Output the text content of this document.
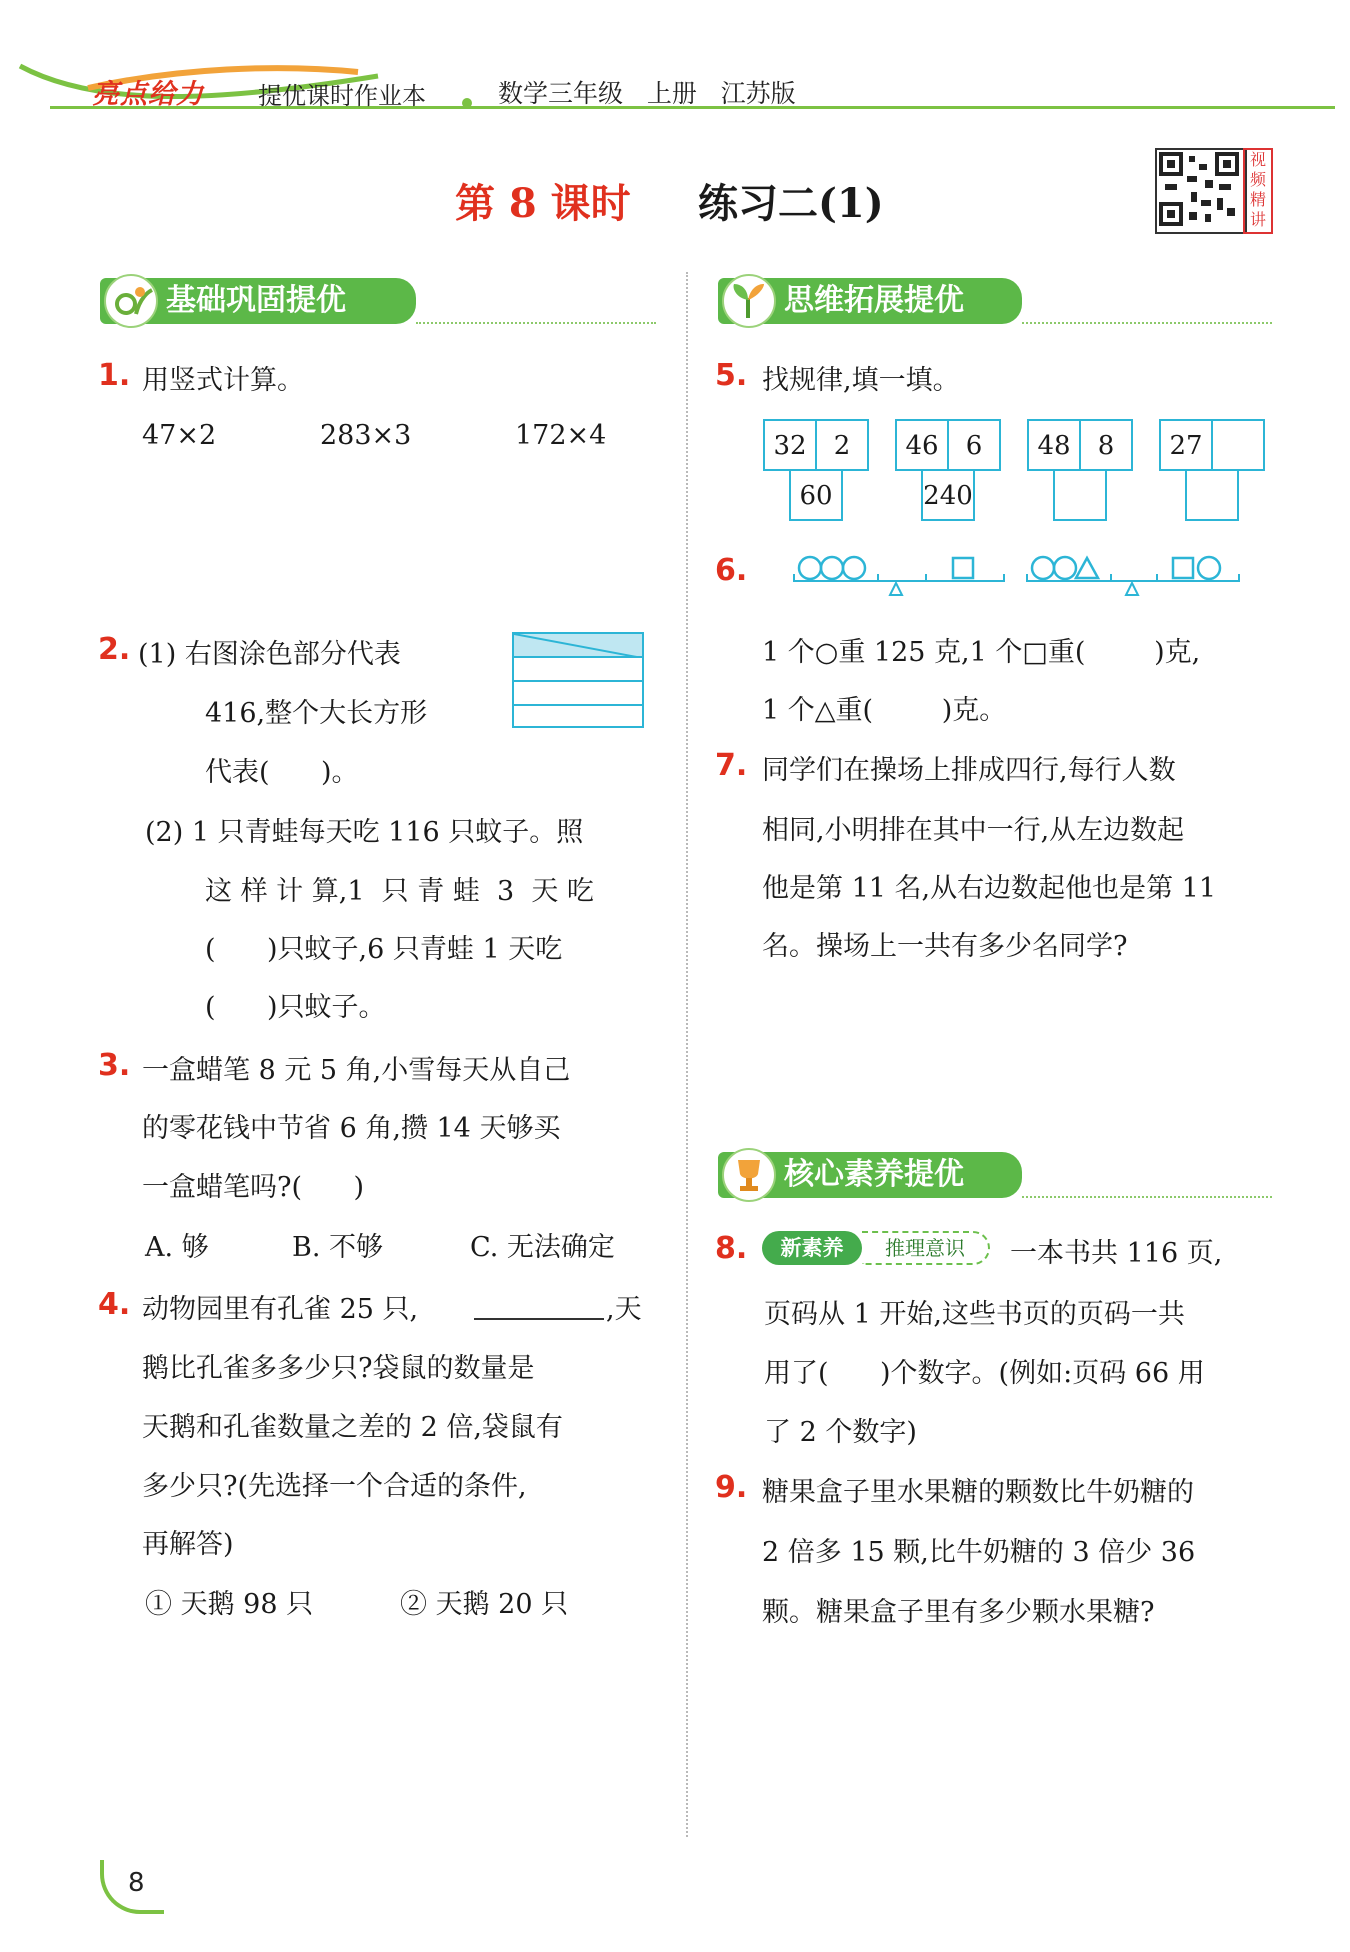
亮点给力 提优课时作业本	数学三年级   上册   江苏版
第 8 课时 练习二(1)
视频精讲
基础巩固提优	思维拓展提优
核心素养提优
1. 用竖式计算。
47×2	283×3	172×4
2. (1) 右图涂色部分代表
416,整个大长方形
代表(      )。
(2) 1 只青蛙每天吃 116 只蚊子。照
这 样 计 算,1  只 青 蛙  3  天 吃
(      )只蚊子,6 只青蛙 1 天吃
(      )只蚊子。
3. 一盒蜡笔 8 元 5 角,小雪每天从自己
的零花钱中节省 6 角,攒 14 天够买
一盒蜡笔吗?(      )
A. 够	B. 不够	C. 无法确定
4. 动物园里有孔雀 25 只,	,天
鹅比孔雀多多少只?袋鼠的数量是
天鹅和孔雀数量之差的 2 倍,袋鼠有
多少只?(先选择一个合适的条件,
再解答)
① 天鹅 98 只	② 天鹅 20 只
5. 找规律,填一填。
32	2
60
46	6
240
48	8	27
6.
1 个○重 125 克,1 个□重(        )克,
1 个△重(        )克。
7. 同学们在操场上排成四行,每行人数
相同,小明排在其中一行,从左边数起
他是第 11 名,从右边数起他也是第 11
名。操场上一共有多少名同学?
8.	新素养	推理意识	一本书共 116 页,
页码从 1 开始,这些书页的页码一共
用了(      )个数字。(例如:页码 66 用
了 2 个数字)
9. 糖果盒子里水果糖的颗数比牛奶糖的
2 倍多 15 颗,比牛奶糖的 3 倍少 36
颗。糖果盒子里有多少颗水果糖?
8
